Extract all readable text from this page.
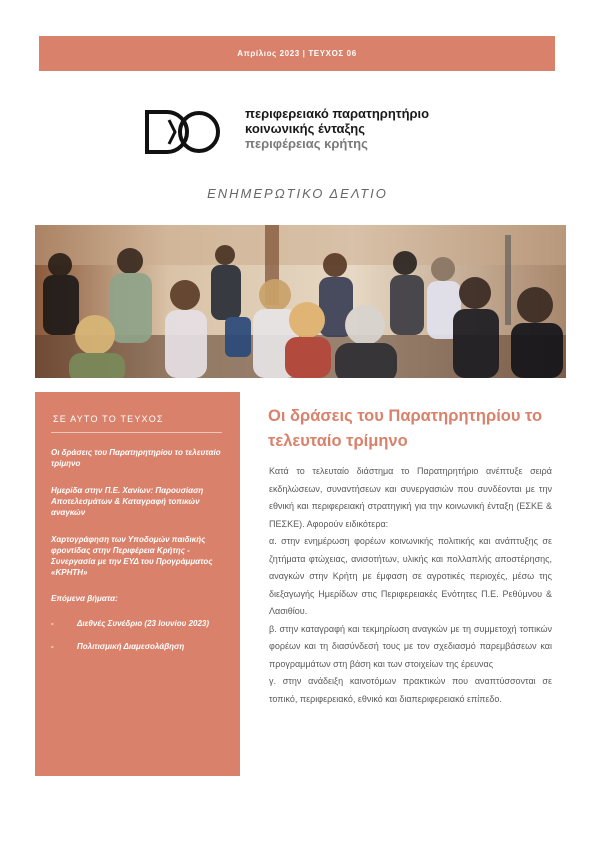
Απρίλιος 2023 | ΤΕΥΧΟΣ 06
περιφερειακό παρατηρητήριο
κοινωνικής ένταξης
περιφέρειας κρήτης
ΕΝΗΜΕΡΩΤΙΚΟ ΔΕΛΤΙΟ
ΣΕ ΑΥΤΟ ΤΟ ΤΕΥΧΟΣ
Οι δράσεις του Παρατηρητηρίου το τελευταίο τρίμηνο
Ημερίδα στην Π.Ε. Χανίων: Παρουσίαση Αποτελεσμάτων & Καταγραφή τοπικών αναγκών
Χαρτογράφηση των Υποδομών παιδικής φροντίδας στην Περιφέρεια Κρήτης - Συνεργασία με την ΕΥΔ του Προγράμματος «ΚΡΗΤΗ»
Επόμενα βήματα:
-	Διεθνές Συνέδριο (23 Ιουνίου 2023)
-	Πολιτισμική Διαμεσολάβηση
Οι δράσεις του Παρατηρητηρίου το τελευταίο τρίμηνο

Κατά το τελευταίο διάστημα το Παρατηρητήριο ανέπτυξε σειρά εκδηλώσεων, συναντήσεων και συνεργασιών που συνδέονται με την εθνική και περιφερειακή στρατηγική για την κοινωνική ένταξη (ΕΣΚΕ & ΠΕΣΚΕ). Αφορούν ειδικότερα:

α. στην ενημέρωση φορέων κοινωνικής πολιτικής και ανάπτυξης σε ζητήματα φτώχειας, ανισοτήτων, υλικής και πολλαπλής αποστέρησης, αναγκών στην Κρήτη με έμφαση σε αγροτικές περιοχές, μέσω της διεξαγωγής Ημερίδων στις Περιφερειακές Ενότητες Π.Ε. Ρεθύμνου & Λασιθίου.

β. στην καταγραφή και τεκμηρίωση αναγκών με τη συμμετοχή τοπικών φορέων και τη διασύνδεσή τους με τον σχεδιασμό παρεμβάσεων και προγραμμάτων στη βάση και των στοιχείων της έρευνας

γ. στην ανάδειξη καινοτόμων πρακτικών που αναπτύσσονται σε τοπικό, περιφερειακό, εθνικό και διαπεριφερειακό επίπεδο.
